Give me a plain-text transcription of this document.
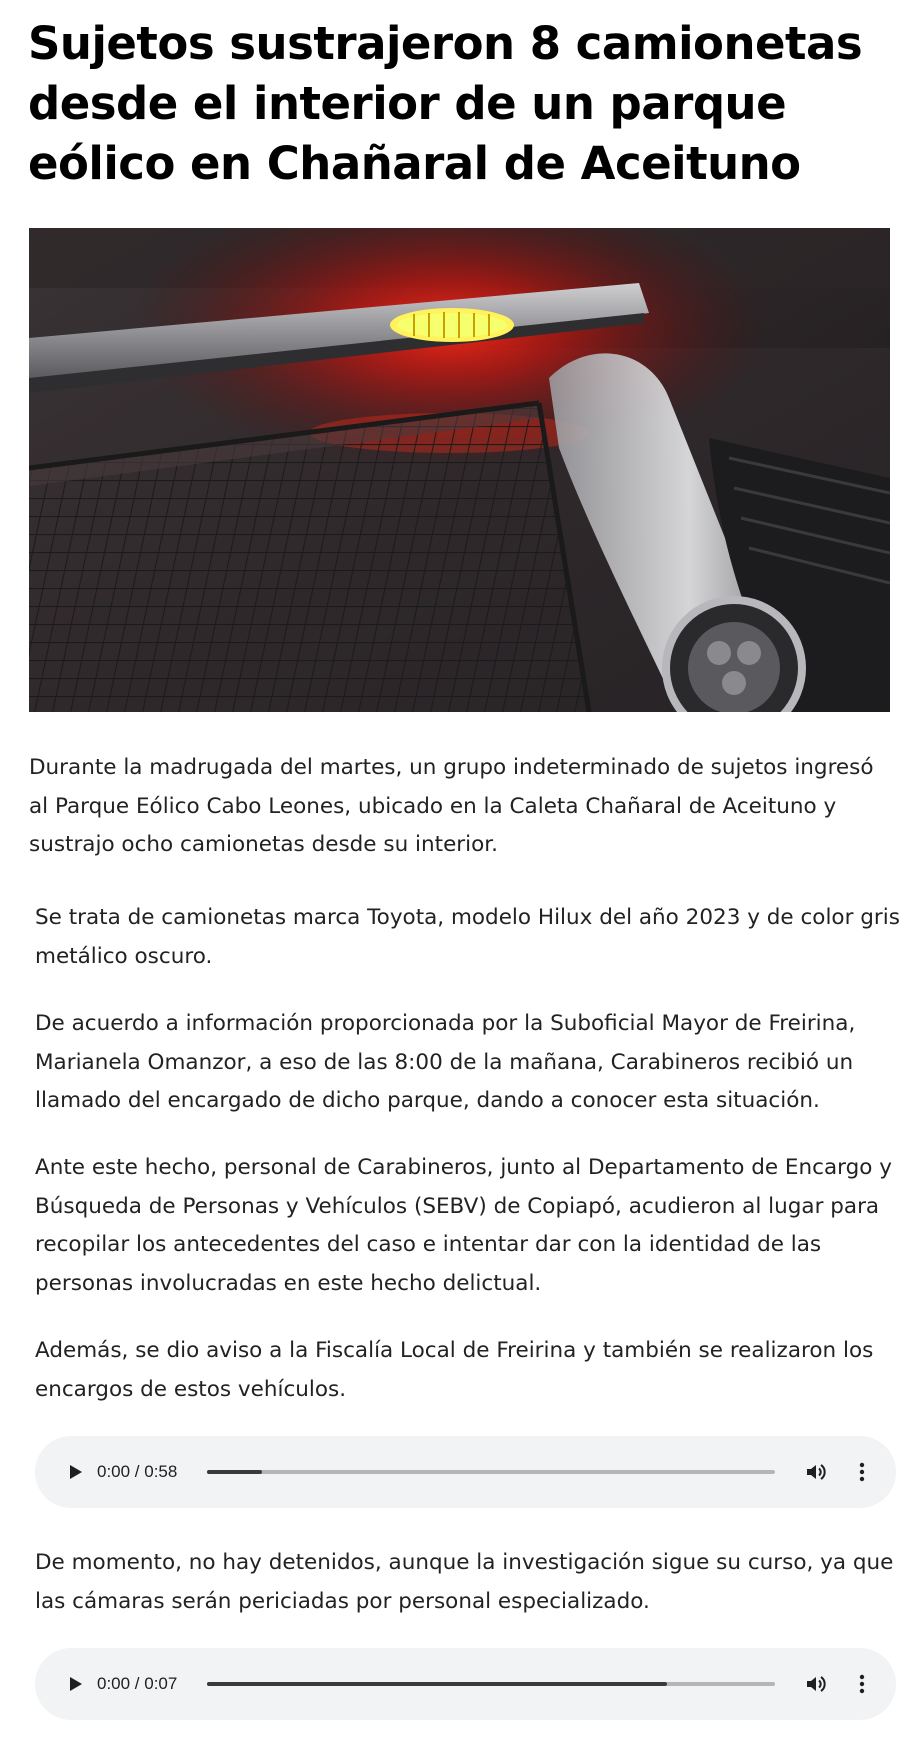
Sujetos sustrajeron 8 camionetas desde el interior de un parque eólico en Chañaral de Aceituno

Durante la madrugada del martes, un grupo indeterminado de sujetos ingresó al Parque Eólico Cabo Leones, ubicado en la Caleta Chañaral de Aceituno y sustrajo ocho camionetas desde su interior.

Se trata de camionetas marca Toyota, modelo Hilux del año 2023 y de color gris metálico oscuro.

De acuerdo a información proporcionada por la Suboficial Mayor de Freirina, Marianela Omanzor, a eso de las 8:00 de la mañana, Carabineros recibió un llamado del encargado de dicho parque, dando a conocer esta situación.

Ante este hecho, personal de Carabineros, junto al Departamento de Encargo y Búsqueda de Personas y Vehículos (SEBV) de Copiapó, acudieron al lugar para recopilar los antecedentes del caso e intentar dar con la identidad de las personas involucradas en este hecho delictual.

Además, se dio aviso a la Fiscalía Local de Freirina y también se realizaron los encargos de estos vehículos.

0:00 / 0:58

De momento, no hay detenidos, aunque la investigación sigue su curso, ya que las cámaras serán periciadas por personal especializado.

0:00 / 0:07
